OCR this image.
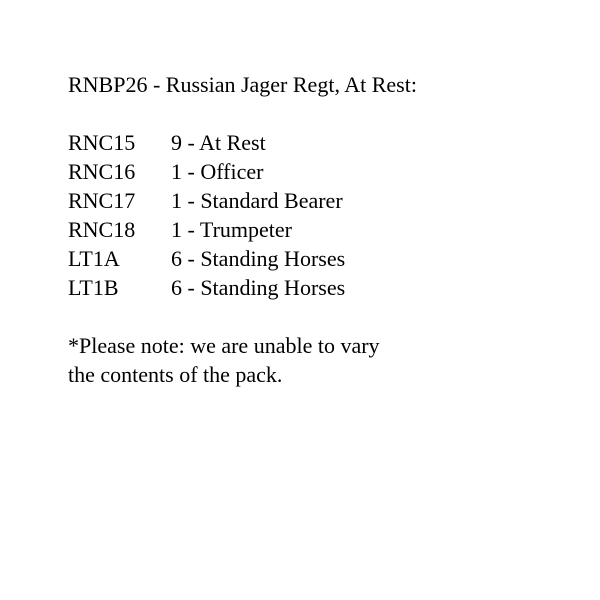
RNBP26 - Russian Jager Regt, At Rest:
RNC15	9 - At Rest
RNC16	1 - Officer
RNC17	1 - Standard Bearer
RNC18	1 - Trumpeter
LT1A	6 - Standing Horses
LT1B	6 - Standing Horses
*Please note: we are unable to vary
the contents of the pack.
